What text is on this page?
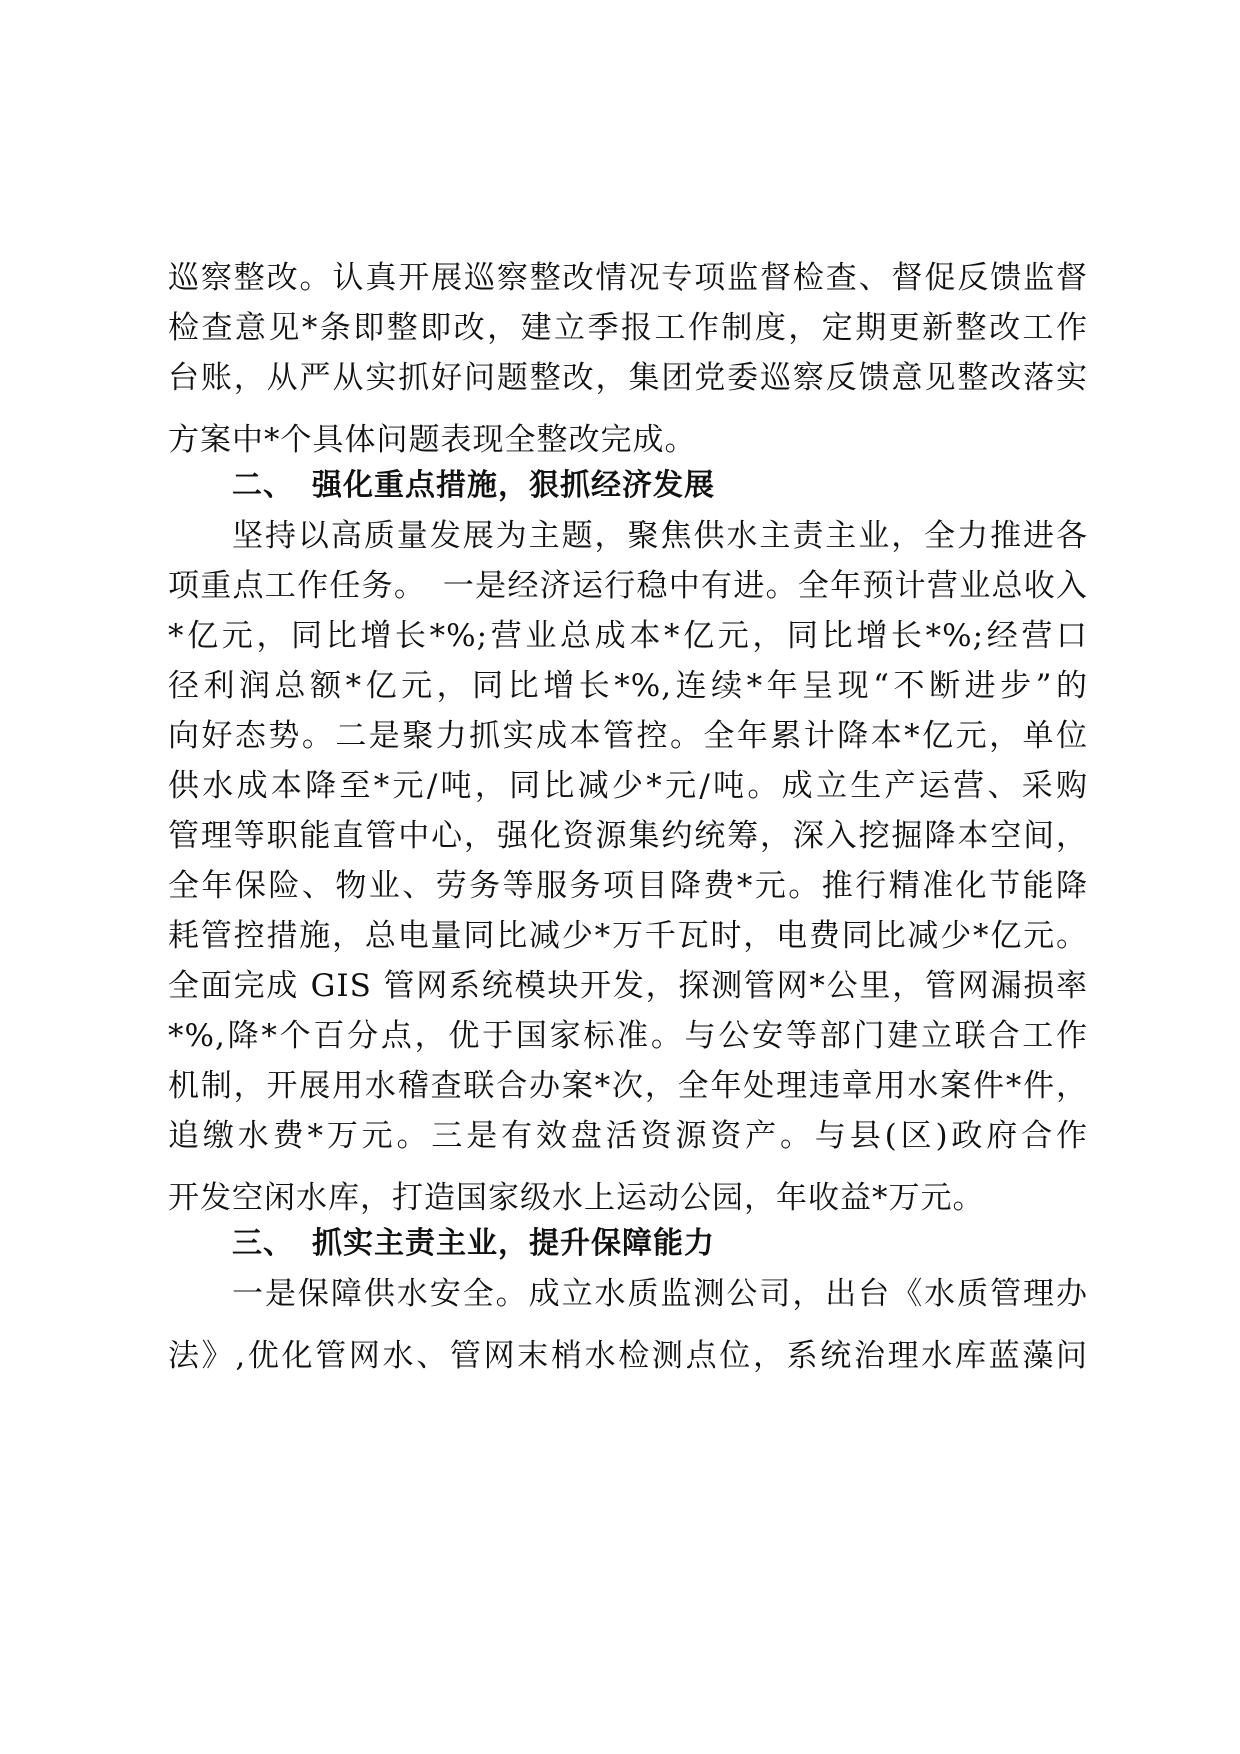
巡察整改。认真开展巡察整改情况专项监督检查、督促反馈监督
检查意见*条即整即改，建立季报工作制度，定期更新整改工作
台账，从严从实抓好问题整改，集团党委巡察反馈意见整改落实
方案中*个具体问题表现全整改完成。
二、 强化重点措施，狠抓经济发展
坚持以高质量发展为主题，聚焦供水主责主业，全力推进各
项重点工作任务。　一是经济运行稳中有进。全年预计营业总收入
*亿元，同比增长*%;营业总成本*亿元，同比增长*%;经营口
径利润总额*亿元，同比增长*%,连续*年呈现“不断进步”的
向好态势。二是聚力抓实成本管控。全年累计降本*亿元，单位
供水成本降至*元/吨，同比减少*元/吨。成立生产运营、采购
管理等职能直管中心，强化资源集约统筹，深入挖掘降本空间，
全年保险、物业、劳务等服务项目降费*元。推行精准化节能降
耗管控措施，总电量同比减少*万千瓦时，电费同比减少*亿元。
全面完成 GIS 管网系统模块开发，探测管网*公里，管网漏损率
*%,降*个百分点，优于国家标准。与公安等部门建立联合工作
机制，开展用水稽查联合办案*次，全年处理违章用水案件*件，
追缴水费*万元。三是有效盘活资源资产。与县(区)政府合作
开发空闲水库，打造国家级水上运动公园，年收益*万元。
三、 抓实主责主业，提升保障能力
一是保障供水安全。成立水质监测公司，出台《水质管理办
法》,优化管网水、管网末梢水检测点位，系统治理水库蓝藻问
